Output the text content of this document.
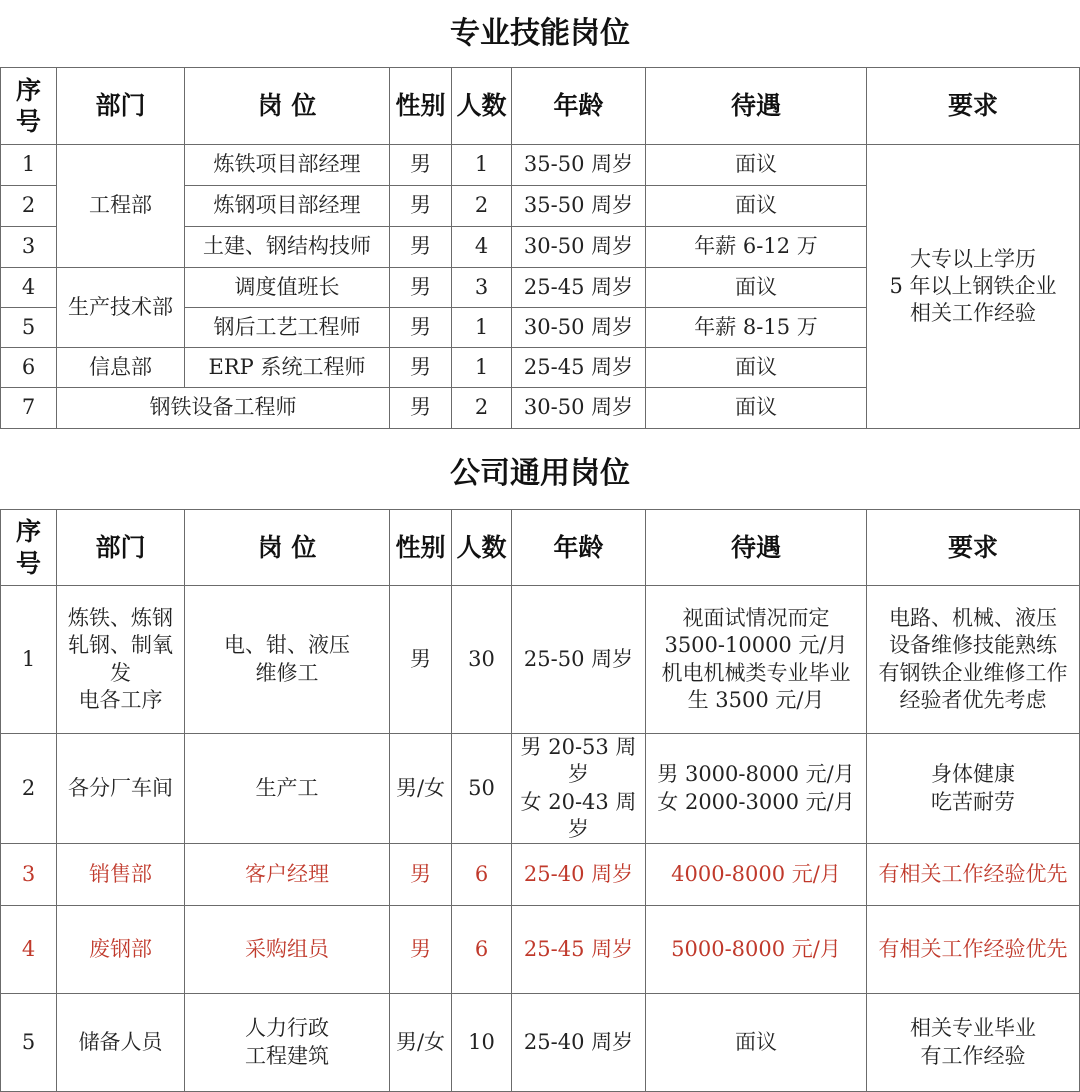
专业技能岗位
序
号	部门	岗 位	性别	人数	年龄	待遇	要求
1	工程部	炼铁项目部经理	男	1	35-50 周岁	面议	大专以上学历
5 年以上钢铁企业
相关工作经验
2		炼钢项目部经理	男	2	35-50 周岁	面议	
3		土建、钢结构技师	男	4	30-50 周岁	年薪 6-12 万	
4	生产技术部	调度值班长	男	3	25-45 周岁	面议	
5		钢后工艺工程师	男	1	30-50 周岁	年薪 8-15 万	
6	信息部	ERP 系统工程师	男	1	25-45 周岁	面议	
7	钢铁设备工程师		男	2	30-50 周岁	面议	
公司通用岗位
序
号	部门	岗 位	性别	人数	年龄	待遇	要求
1	炼铁、炼钢
轧钢、制氧发
电各工序	电、钳、液压
维修工	男	30	25-50 周岁	视面试情况而定
3500-10000 元/月
机电机械类专业毕业
生 3500 元/月	电路、机械、液压
设备维修技能熟练
有钢铁企业维修工作
经验者优先考虑
2	各分厂车间	生产工	男/女	50	男 20-53 周岁
女 20-43 周岁	男 3000-8000 元/月
女 2000-3000 元/月	身体健康
吃苦耐劳
3	销售部	客户经理	男	6	25-40 周岁	4000-8000 元/月	有相关工作经验优先
4	废钢部	采购组员	男	6	25-45 周岁	5000-8000 元/月	有相关工作经验优先
5	储备人员	人力行政
工程建筑	男/女	10	25-40 周岁	面议	相关专业毕业
有工作经验
